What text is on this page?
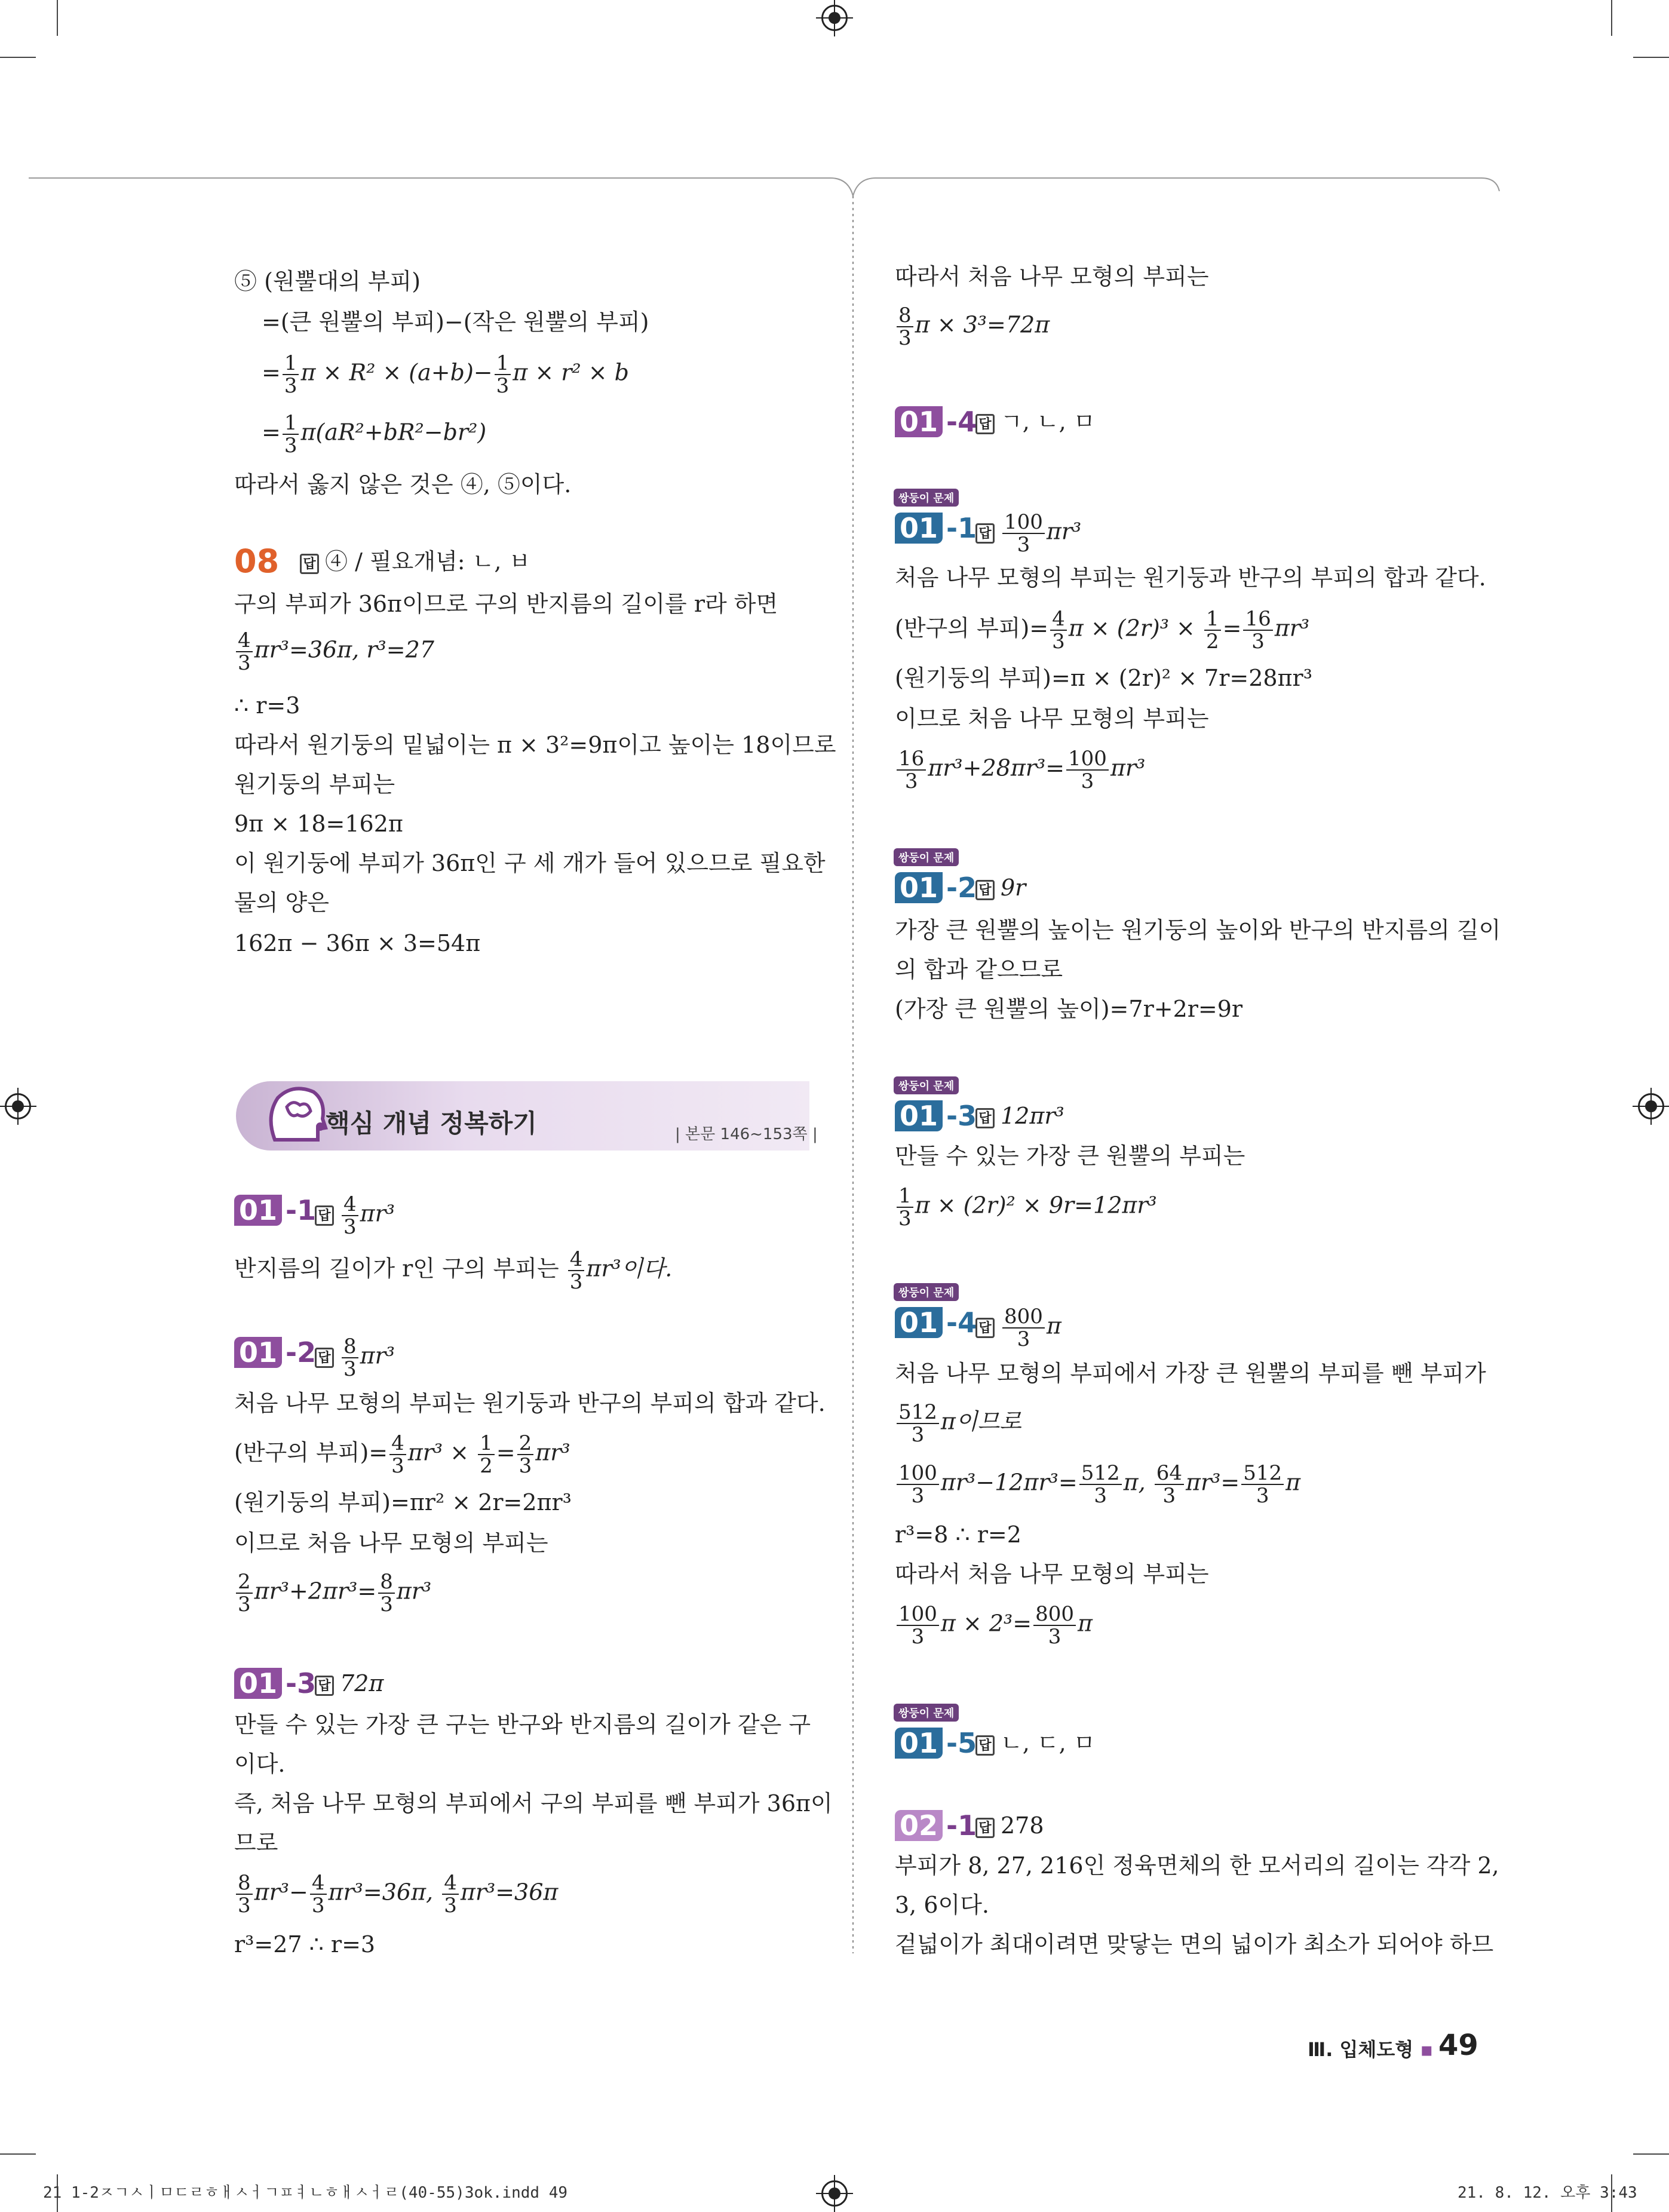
⑤ (원뿔대의 부피)
=(큰 원뿔의 부피)−(작은 원뿔의 부피)
= $\frac{1}{3}$ $\pi \times R^2 \times (a+b)- \frac{1}{3}$ π × r² × b
= $\frac{1}{3} \pi(aR^2+bR^2-br^2)$
따라서 옳지 않은 것은 ④, ⑤이다.
08 답 ④ / 필요개념: ㄴ, ㅂ
구의 부피가 36π이므로 구의 반지름의 길이를 r라 하면
$\frac{4}{3} \pi r^3=36\pi$, r³=27
∴ r=3
따라서 원기둥의 밑넓이는 π × 3²=9π이고 높이는 18이므로
원기둥의 부피는
9π × 18=162π
이 원기둥에 부피가 36π인 구 세 개가 들어 있으므로 필요한
물의 양은
162π − 36π × 3=54π
핵심 개념 정복하기	| 본문 146~153쪽 |
01 -1 답 $\frac{4}{3} \pi r^3$
반지름의 길이가 r인 구의 부피는 $\frac{4}{3} \pi r^3$이다.
01 -2 답 $\frac{8}{3} \pi r^3$
처음 나무 모형의 부피는 원기둥과 반구의 부피의 합과 같다.
(반구의 부피)= $\frac{4}{3} \pi r^3 \times \frac{1}{2} = \frac{2}{3} \pi r^3$
(원기둥의 부피)=πr² × 2r=2πr³
이므로 처음 나무 모형의 부피는
$\frac{2}{3} \pi r^3+2\pi r^3= \frac{8}{3} \pi r^3$
01 -3 답 72π
만들 수 있는 가장 큰 구는 반구와 반지름의 길이가 같은 구
이다.
즉, 처음 나무 모형의 부피에서 구의 부피를 뺀 부피가 36π이
므로
$\frac{8}{3} \pi r^3- \frac{4}{3} \pi r^3=36\pi$, $\frac{4}{3} \pi r^3=36\pi$
r³=27 ∴ r=3
따라서 처음 나무 모형의 부피는
$\frac{8}{3}$ π × 3³=72π
01 -4 답 ㄱ, ㄴ, ㅁ
쌍둥이 문제
01 -1 답 $\frac{100}{3} \pi r^3$
처음 나무 모형의 부피는 원기둥과 반구의 부피의 합과 같다.
(반구의 부피)= $\frac{4}{3}$ $\pi \times (2r)^3 \times \frac{1}{2} = \frac{16}{3} \pi r^3$
(원기둥의 부피)=π × (2r)² × 7r=28πr³
이므로 처음 나무 모형의 부피는
$\frac{16}{3} \pi r^3+28\pi r^3= \frac{100}{3} \pi r^3$
쌍둥이 문제
01 -2 답 9r
가장 큰 원뿔의 높이는 원기둥의 높이와 반구의 반지름의 길이
의 합과 같으므로
(가장 큰 원뿔의 높이)=7r+2r=9r
쌍둥이 문제
01 -3 답 12πr³
만들 수 있는 가장 큰 원뿔의 부피는
$\frac{1}{3}$ π × (2r)² × 9r=12πr³
쌍둥이 문제
01 -4 답 $\frac{800}{3}$ π
처음 나무 모형의 부피에서 가장 큰 원뿔의 부피를 뺀 부피가
$\frac{512}{3}$ π이므로
$\frac{100}{3} \pi r^3-12\pi r^3= \frac{512}{3} \pi$, $\frac{64}{3} \pi r^3= \frac{512}{3}$ π
r³=8 ∴ r=2
따라서 처음 나무 모형의 부피는
$\frac{100}{3}$ $\pi \times 2^3= \frac{800}{3}$ π
쌍둥이 문제
01 -5 답 ㄴ, ㄷ, ㅁ
02 -1 답 278
부피가 8, 27, 216인 정육면체의 한 모서리의 길이는 각각 2,
3, 6이다.
겉넓이가 최대이려면 맞닿는 면의 넓이가 최소가 되어야 하므
Ⅲ. 입체도형 ▪ 49
21 1-2ㅈㄱㅅㅣㅁㄷㄹㅎㅐㅅㅓㄱㅍㅕㄴㅎㅐㅅㅓㄹ(40-55)3ok.indd 49	21. 8. 12. 오후 3:43
